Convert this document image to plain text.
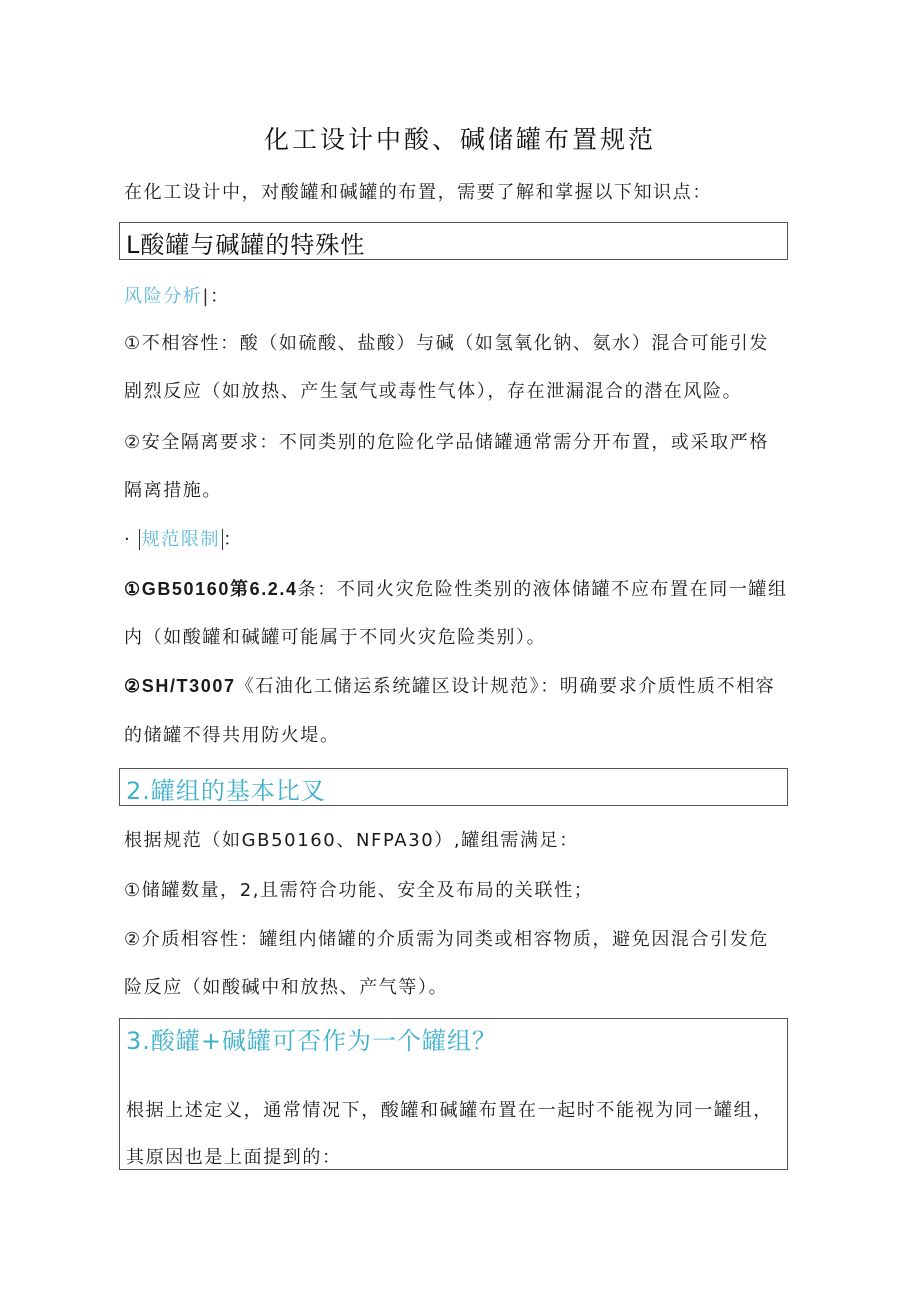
化工设计中酸、碱储罐布置规范
在化工设计中，对酸罐和碱罐的布置，需要了解和掌握以下知识点：
L酸罐与碱罐的特殊性
风险分析|：
①不相容性：酸（如硫酸、盐酸）与碱（如氢氧化钠、氨水）混合可能引发
剧烈反应（如放热、产生氢气或毒性气体），存在泄漏混合的潜在风险。
②安全隔离要求：不同类别的危险化学品储罐通常需分开布置，或采取严格
隔离措施。
· 规范限制 ：
①GB50160第6.2.4条：不同火灾危险性类别的液体储罐不应布置在同一罐组
内（如酸罐和碱罐可能属于不同火灾危险类别）。
②SH/T3007《石油化工储运系统罐区设计规范》：明确要求介质性质不相容
的储罐不得共用防火堤。
2.罐组的基本比叉
根据规范（如GB50160、NFPA30）,罐组需满足：
①储罐数量，2,且需符合功能、安全及布局的关联性；
②介质相容性：罐组内储罐的介质需为同类或相容物质，避免因混合引发危
险反应（如酸碱中和放热、产气等）。
3.酸罐+碱罐可否作为一个罐组？
根据上述定义，通常情况下，酸罐和碱罐布置在一起时不能视为同一罐组，
其原因也是上面提到的：
